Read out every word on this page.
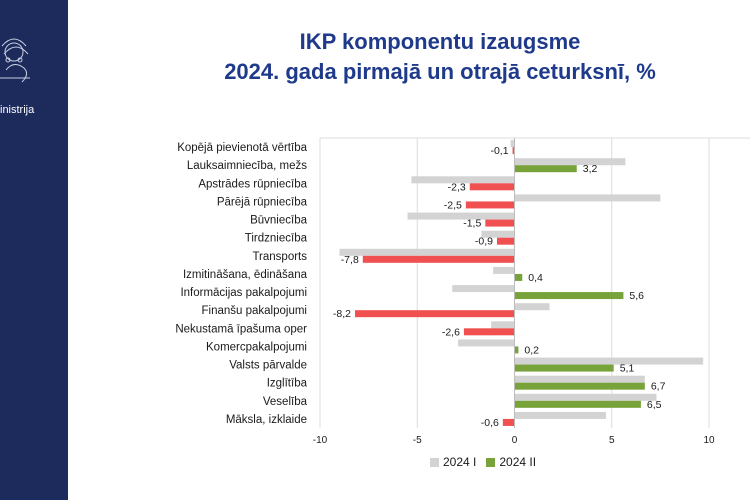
inistrija
IKP komponentu izaugsme
2024. gada pirmajā un otrajā ceturksnī, %
-10	-5	0	5	10
Kopējā pievienotā vērtība	-0,1
Lauksaimniecība, mežs	3,2
Apstrādes rūpniecība	-2,3
Pārējā rūpniecība	-2,5
Būvniecība	-1,5
Tirdzniecība	-0,9
Transports	-7,8
Izmitināšana, ēdināšana	0,4
Informācijas pakalpojumi	5,6
Finanšu pakalpojumi -8,2
Nekustamā īpašuma oper	-2,6
Komercpakalpojumi	0,2
Valsts pārvalde	5,1
Izglītība	6,7
Veselība	6,5
Māksla, izklaide	-0,6
2024 I 2024 II
